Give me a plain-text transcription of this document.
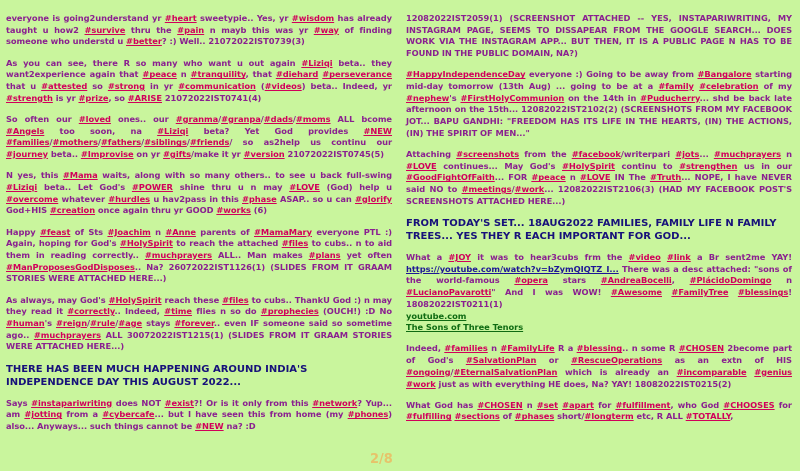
everyone is going2understand yr #heart sweetypie.. Yes, yr #wisdom has already taught u how2 #survive thru the #pain n mayb this was yr #way of finding someone who understd u #better? :) Well.. 21072022IST0739(3)

As you can see, there R so many who want u out again #Liziqi beta.. they want2experience again that #peace n #tranquility, that #diehard #perseverance that u #attested so #strong in yr #communication (#videos) beta.. Indeed, yr #strength is yr #prize, so #ARISE 21072022IST0741(4)

So often our #loved ones.. our #granma/#granpa/#dads/#moms ALL bcome #Angels too soon, na #Liziqi beta? Yet God provides #NEW #families/#mothers/#fathers/#siblings/#friends/ so as2help us continu our #journey beta.. #Improvise on yr #gifts/make it yr #version 21072022IST0745(5)

N yes, this #Mama waits, along with so many others.. to see u back full-swing #Liziqi beta.. Let God's #POWER shine thru u n may #LOVE (God) help u #overcome whatever #hurdles u hav2pass in this #phase ASAP.. so u can #glorify God+HIS #creation once again thru yr GOOD #works (6)

Happy #feast of Sts #Joachim n #Anne parents of #MamaMary everyone PTL :) Again, hoping for God's #HolySpirit to reach the attached #files to cubs.. n to aid them in reading correctly.. #muchprayers ALL.. Man makes #plans yet often #ManProposesGodDisposes.. Na? 26072022IST1126(1) (SLIDES FROM IT GRAAM STORIES WERE ATTACHED HERE...)

As always, may God's #HolySpirit reach these #files to cubs.. ThankU God :) n may they read it #correctly.. Indeed, #time flies n so do #prophecies (OUCH!) :D No #human's #reign/#rule/#age stays #forever.. even IF someone said so sometime ago.. #muchprayers ALL 30072022IST1215(1) (SLIDES FROM IT GRAAM STORIES WERE ATTACHED HERE...)

THERE HAS BEEN MUCH HAPPENING AROUND INDIA'S INDEPENDENCE DAY THIS AUGUST 2022...

Says #instapariwriting does NOT #exist?! Or is it only from this #network? Yup... am #jotting from a #cybercafe... but I have seen this from home (my #phones) also... Anyways... such things cannot be #NEW na? :D

12082022IST2059(1) (SCREENSHOT ATTACHED -- YES, INSTAPARIWRITING, MY INSTAGRAM PAGE, SEEMS TO DISSAPEAR FROM THE GOOGLE SEARCH... DOES WORK VIA THE INSTAGRAM APP... BUT THEN, IT IS A PUBLIC PAGE N HAS TO BE FOUND IN THE PUBLIC DOMAIN, NA?)

#HappyIndependenceDay everyone :) Going to be away from #Bangalore starting mid-day tomorrow (13th Aug) ... going to be at a #family #celebration of my #nephew's #FirstHolyCommunion on the 14th in #Puducherry... shd be back late afternoon on the 15th... 12082022IST2102(2) (SCREENSHOTS FROM MY FACEBOOK JOT... BAPU GANDHI: "FREEDOM HAS ITS LIFE IN THE HEARTS, (IN) THE ACTIONS, (IN) THE SPIRIT OF MEN..."

Attaching #screenshots from the #facebook/writerpari #jots... #muchprayers n #LOVE continues... May God's #HolySpirit continu to #strengthen us in our #GoodFightOfFaith... FOR #peace n #LOVE IN The #Truth... NOPE, I have NEVER said NO to #meetings/#work... 12082022IST2106(3) (HAD MY FACEBOOK POST'S SCREENSHOTS ATTACHED HERE...)

FROM TODAY'S SET... 18AUG2022 FAMILIES, FAMILY LIFE N FAMILY TREES... YES THEY R EACH IMPORTANT FOR GOD...

What a #JOY it was to hear3cubs frm the #video #link a Br sent2me YAY! https://youtube.com/watch?v=bZymQIQTZ_I... There was a desc attached: "sons of the world-famous #opera stars #AndreaBocelli, #PlácidoDomingo n #LucianoPavarotti" And I was WOW! #Awesome #FamilyTree #blessings! 18082022IST0211(1)

youtube.com
The Sons of Three Tenors

Indeed, #families n #FamilyLife R a #blessing.. n some R #CHOSEN 2become part of God's #SalvationPlan or #RescueOperations as an extn of HIS #ongoing/#EternalSalvationPlan which is already an #incomparable #genius #work just as with everything HE does, Na? YAY! 18082022IST0215(2)

What God has #CHOSEN n #set #apart for #fulfillment, who God #CHOOSES for #fulfilling #sections of #phases short/#longterm etc, R ALL #TOTALLY,

2/8
